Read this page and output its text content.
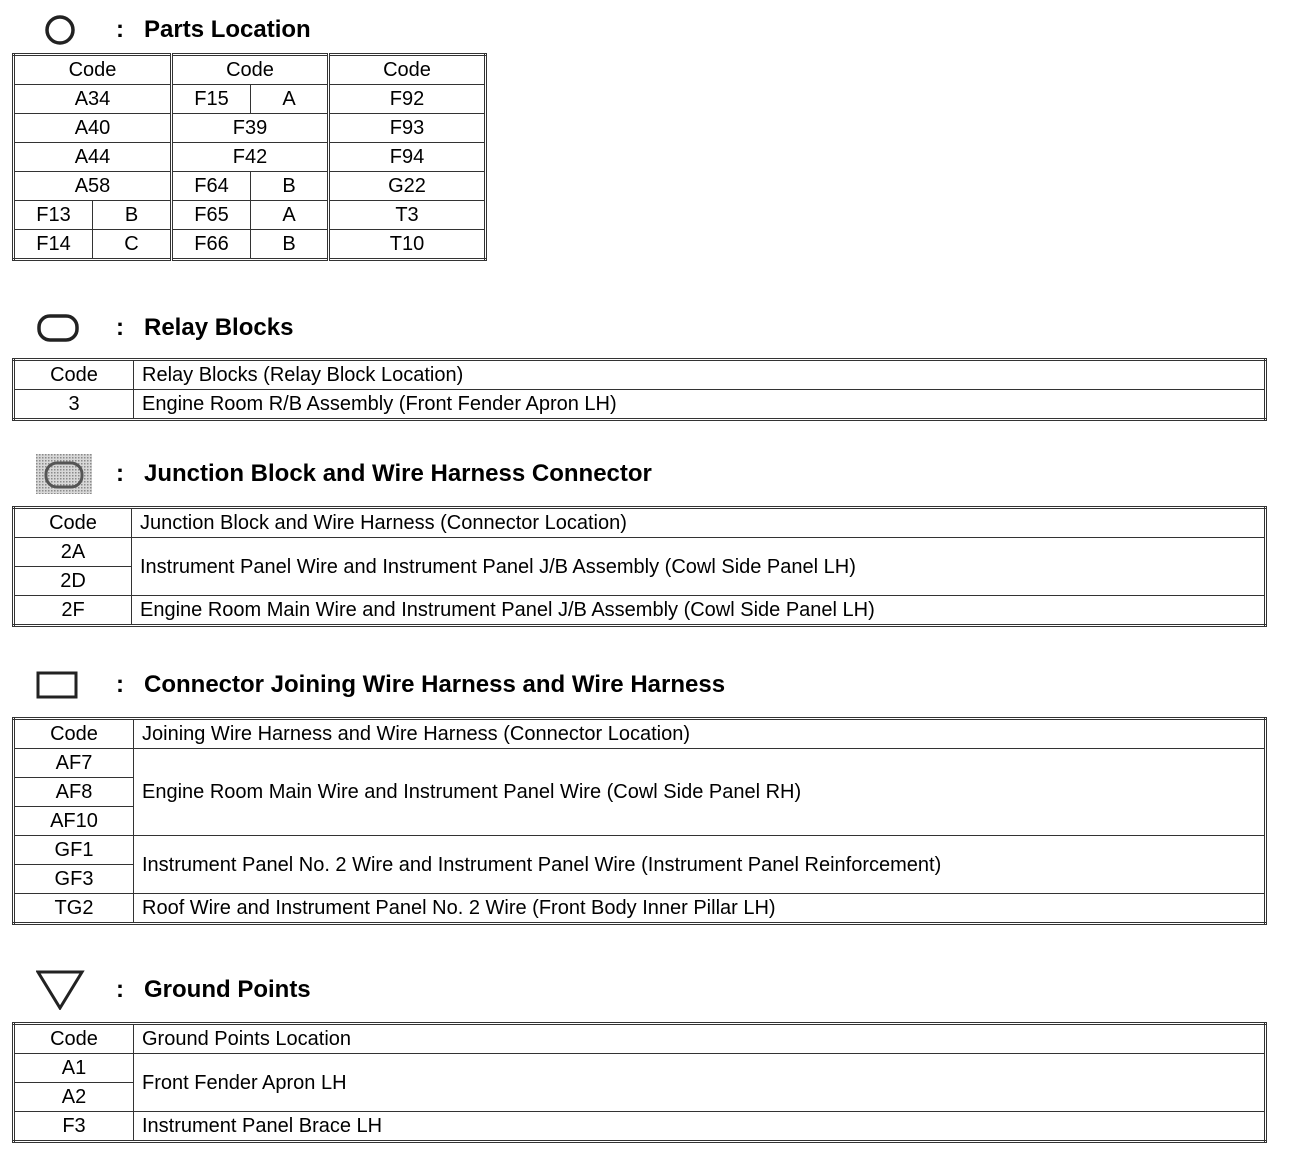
: Parts Location
Code		Code		Code
A34		F15	A	F92
A40		F39		F93
A44		F42		F94
A58		F64	B	G22
F13	B	F65	A	T3
F14	C	F66	B	T10
: Relay Blocks
Code	Relay Blocks (Relay Block Location)
3	Engine Room R/B Assembly (Front Fender Apron LH)
: Junction Block and Wire Harness Connector
Code	Junction Block and Wire Harness (Connector Location)
2A	Instrument Panel Wire and Instrument Panel J/B Assembly (Cowl Side Panel LH)
2D	
2F	Engine Room Main Wire and Instrument Panel J/B Assembly (Cowl Side Panel LH)
: Connector Joining Wire Harness and Wire Harness
Code	Joining Wire Harness and Wire Harness (Connector Location)
AF7	Engine Room Main Wire and Instrument Panel Wire (Cowl Side Panel RH)
AF8	
AF10	
GF1	Instrument Panel No. 2 Wire and Instrument Panel Wire (Instrument Panel Reinforcement)
GF3	
TG2	Roof Wire and Instrument Panel No. 2 Wire (Front Body Inner Pillar LH)
: Ground Points
Code	Ground Points Location
A1	Front Fender Apron LH
A2	
F3	Instrument Panel Brace LH
